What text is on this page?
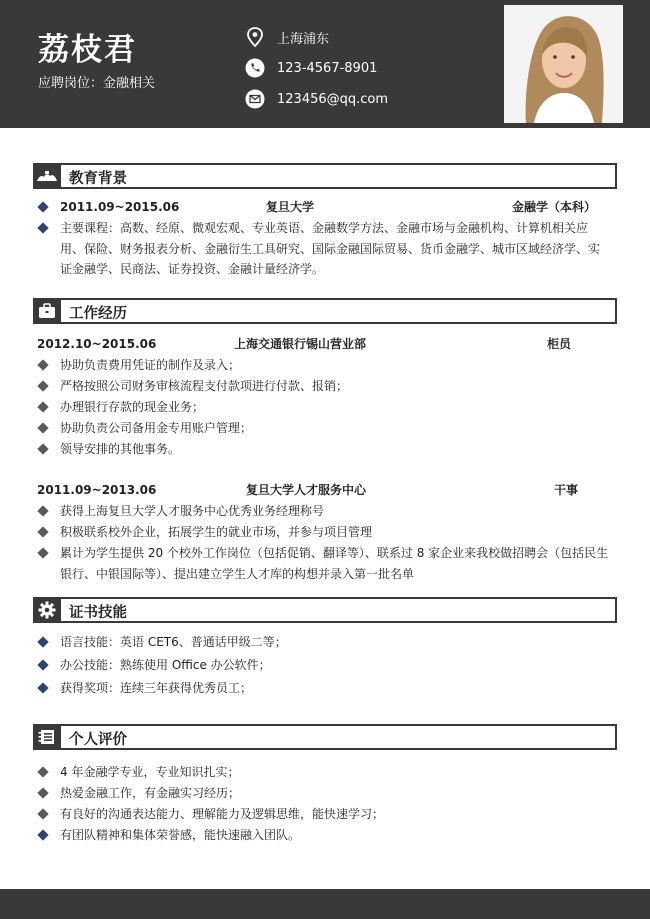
荔枝君
应聘岗位：金融相关
上海浦东
123-4567-8901
123456@qq.com
教育背景
2011.09~2015.06	复旦大学	金融学（本科）
主要课程：高数、经原、微观宏观、专业英语、金融数学方法、金融市场与金融机构、计算机相关应
用、保险、财务报表分析、金融衍生工具研究、国际金融国际贸易、货币金融学、城市区域经济学、实
证金融学、民商法、证券投资、金融计量经济学。
工作经历
2012.10~2015.06	上海交通银行锡山营业部	柜员
协助负责费用凭证的制作及录入；
严格按照公司财务审核流程支付款项进行付款、报销；
办理银行存款的现金业务；
协助负责公司备用金专用账户管理；
领导安排的其他事务。
2011.09~2013.06	复旦大学人才服务中心	干事
获得上海复旦大学人才服务中心优秀业务经理称号
积极联系校外企业，拓展学生的就业市场，并参与项目管理
累计为学生提供 20 个校外工作岗位（包括促销、翻译等）、联系过 8 家企业来我校做招聘会（包括民生
银行、中银国际等）、提出建立学生人才库的构想并录入第一批名单
证书技能
语言技能：英语 CET6、普通话甲级二等；
办公技能：熟练使用 Office 办公软件；
获得奖项：连续三年获得优秀员工；
个人评价
4 年金融学专业，专业知识扎实；
热爱金融工作，有金融实习经历；
有良好的沟通表达能力、理解能力及逻辑思维，能快速学习；
有团队精神和集体荣誉感，能快速融入团队。
